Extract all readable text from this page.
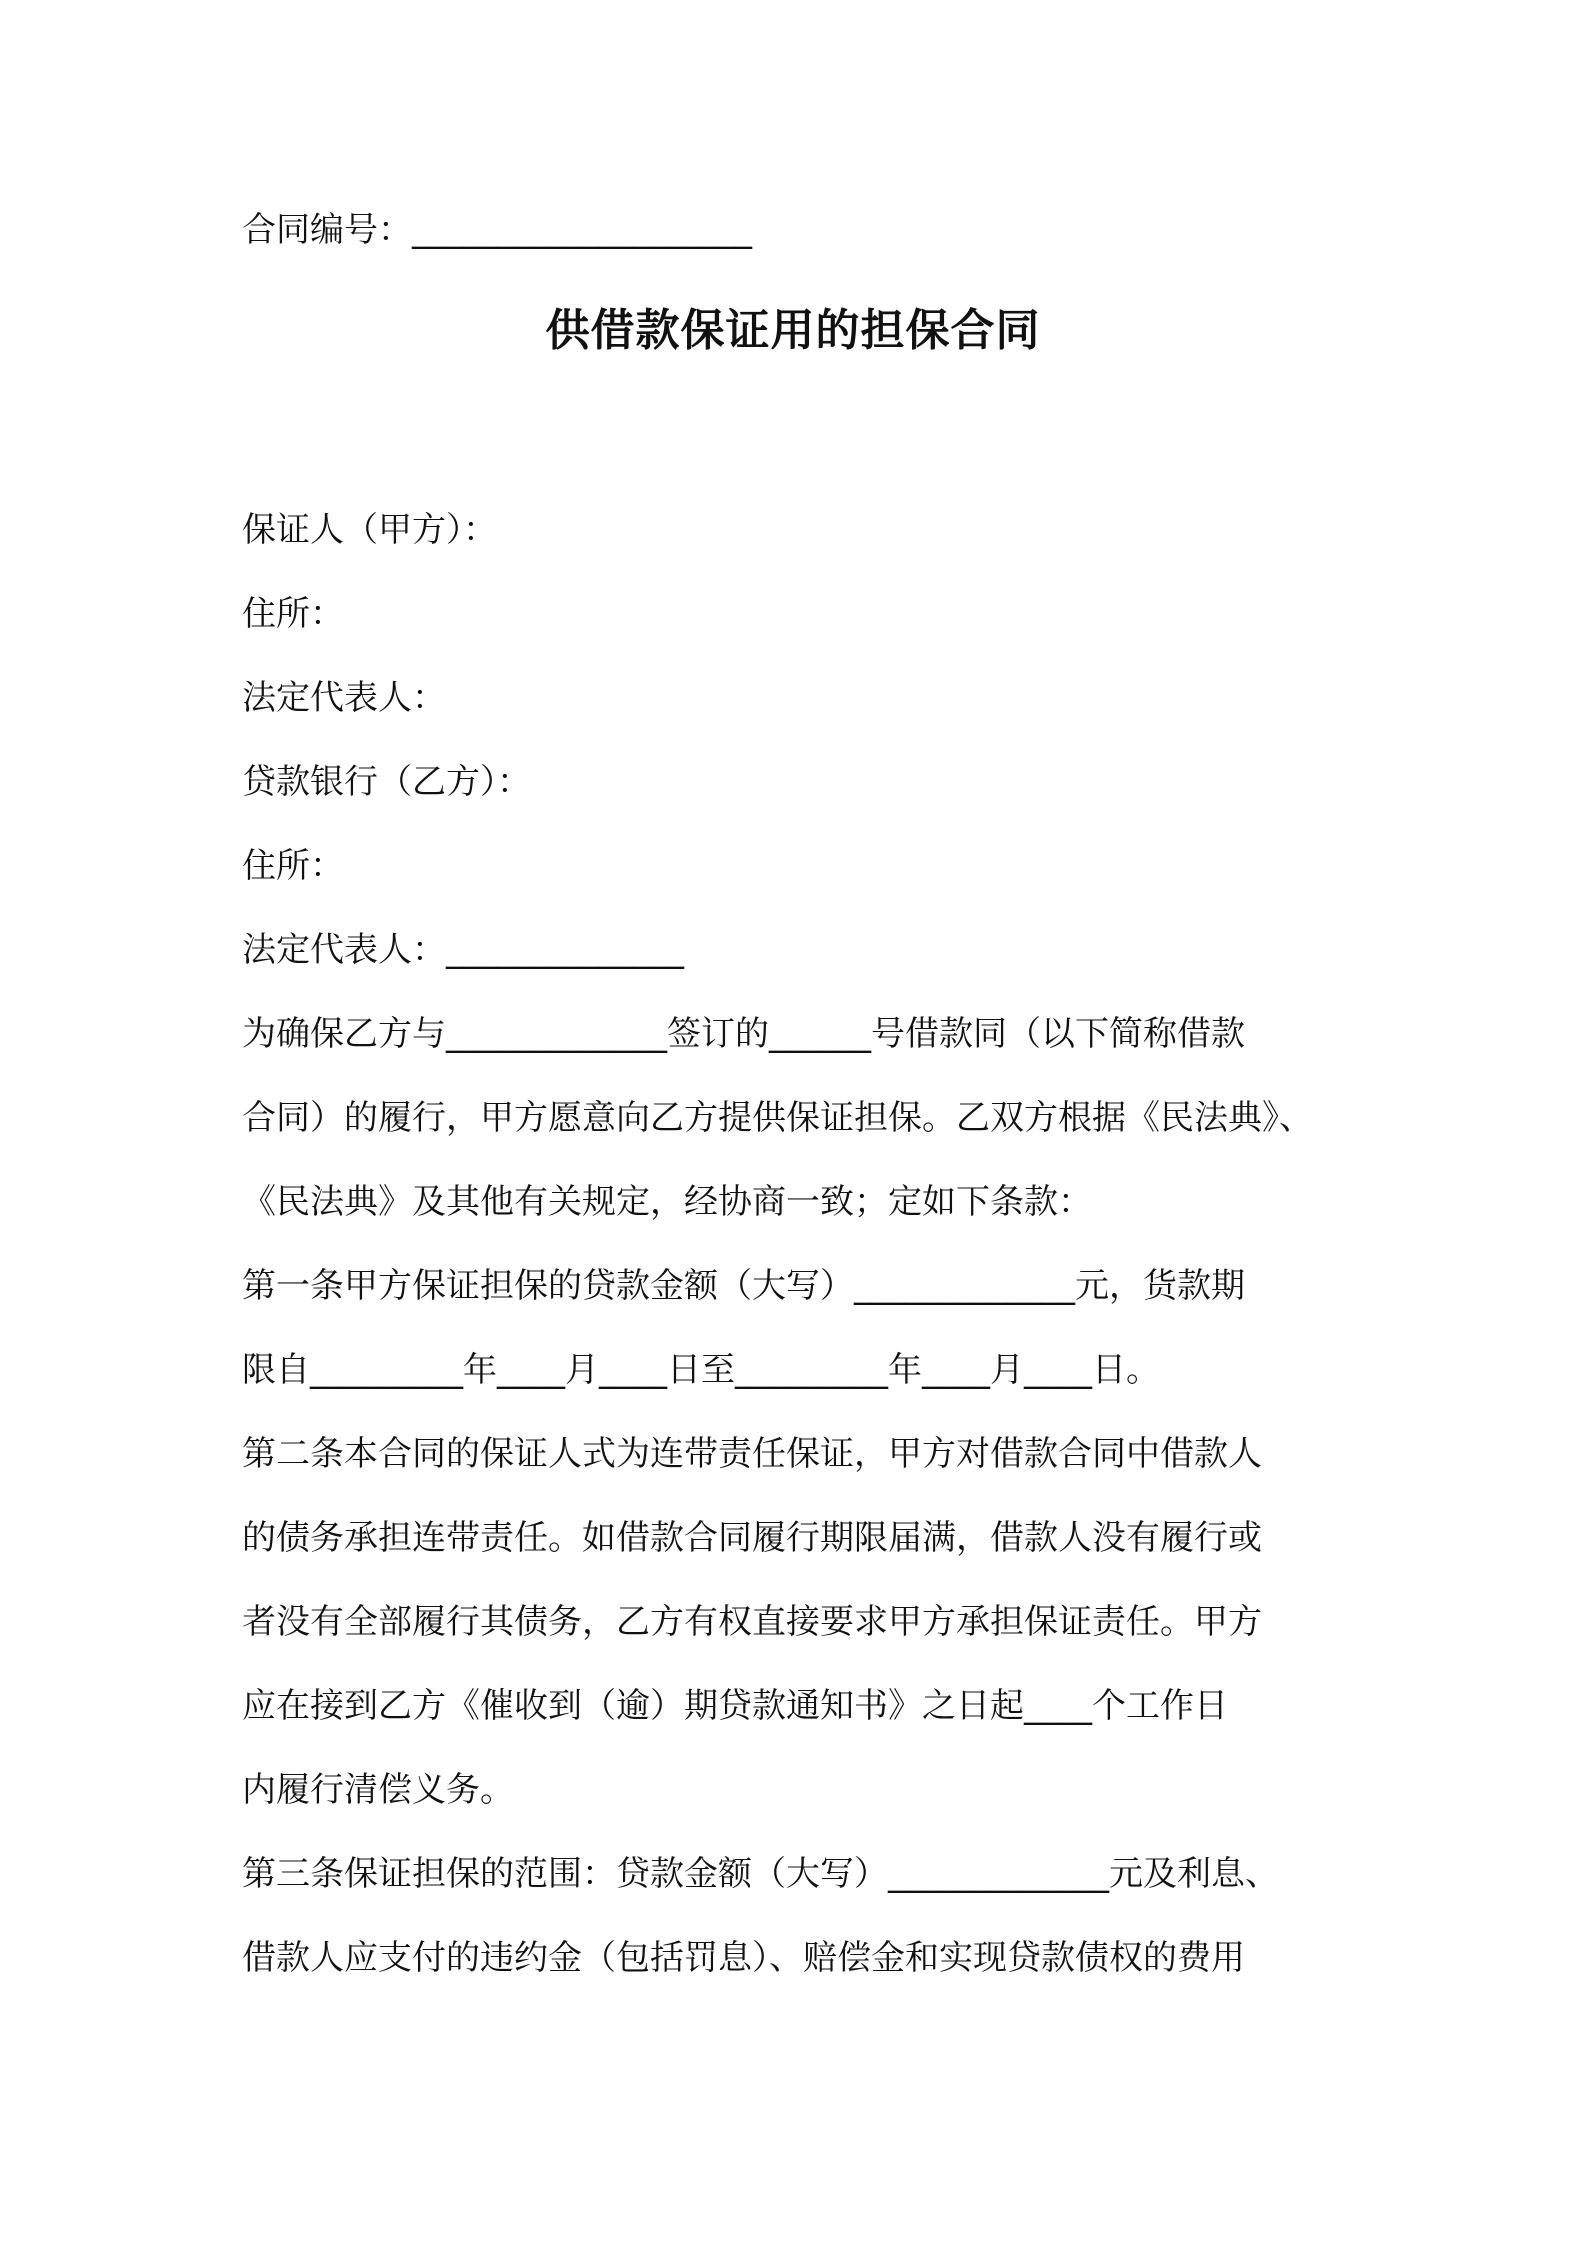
合同编号：____________________
供借款保证用的担保合同
保证人（甲方）：
住所：
法定代表人：
贷款银行（乙方）：
住所：
法定代表人：______________
为确保乙方与_____________签订的______号借款同（以下简称借款
合同）的履行，甲方愿意向乙方提供保证担保。乙双方根据《民法典》、
《民法典》及其他有关规定，经协商一致；定如下条款：
第一条甲方保证担保的贷款金额（大写）_____________元，货款期
限自_________年____月____日至_________年____月____日。
第二条本合同的保证人式为连带责任保证，甲方对借款合同中借款人
的债务承担连带责任。如借款合同履行期限届满，借款人没有履行或
者没有全部履行其债务，乙方有权直接要求甲方承担保证责任。甲方
应在接到乙方《催收到（逾）期贷款通知书》之日起____个工作日
内履行清偿义务。
第三条保证担保的范围：贷款金额（大写）_____________元及利息、
借款人应支付的违约金（包括罚息）、赔偿金和实现贷款债权的费用
